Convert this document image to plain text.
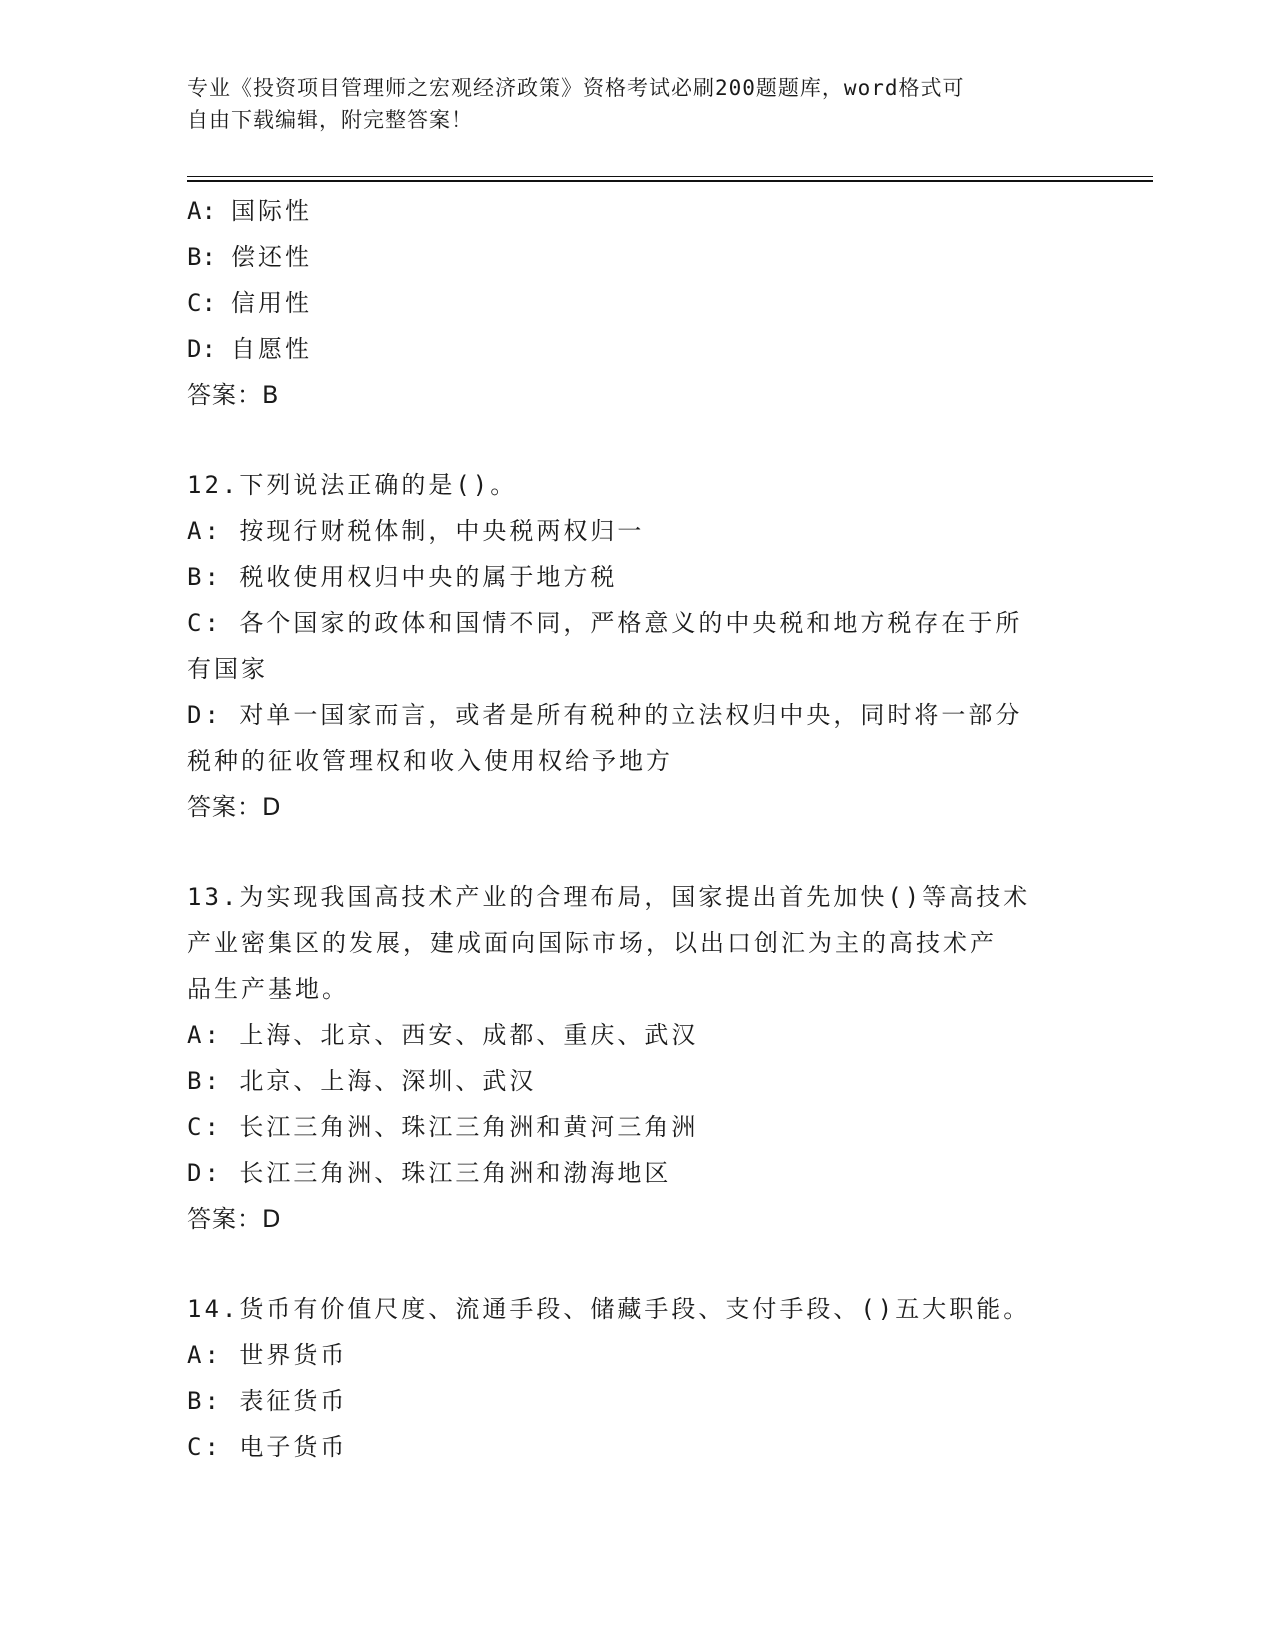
专业《投资项目管理师之宏观经济政策》资格考试必刷200题题库，word格式可
自由下载编辑，附完整答案！
A: 国际性
B: 偿还性
C: 信用性
D: 自愿性
答案：B
12.下列说法正确的是()。
A: 按现行财税体制，中央税两权归一
B: 税收使用权归中央的属于地方税
C: 各个国家的政体和国情不同，严格意义的中央税和地方税存在于所
有国家
D: 对单一国家而言，或者是所有税种的立法权归中央，同时将一部分
税种的征收管理权和收入使用权给予地方
答案：D
13.为实现我国高技术产业的合理布局，国家提出首先加快()等高技术
产业密集区的发展，建成面向国际市场，以出口创汇为主的高技术产
品生产基地。
A: 上海、北京、西安、成都、重庆、武汉
B: 北京、上海、深圳、武汉
C: 长江三角洲、珠江三角洲和黄河三角洲
D: 长江三角洲、珠江三角洲和渤海地区
答案：D
14.货币有价值尺度、流通手段、储藏手段、支付手段、()五大职能。
A: 世界货币
B: 表征货币
C: 电子货币
